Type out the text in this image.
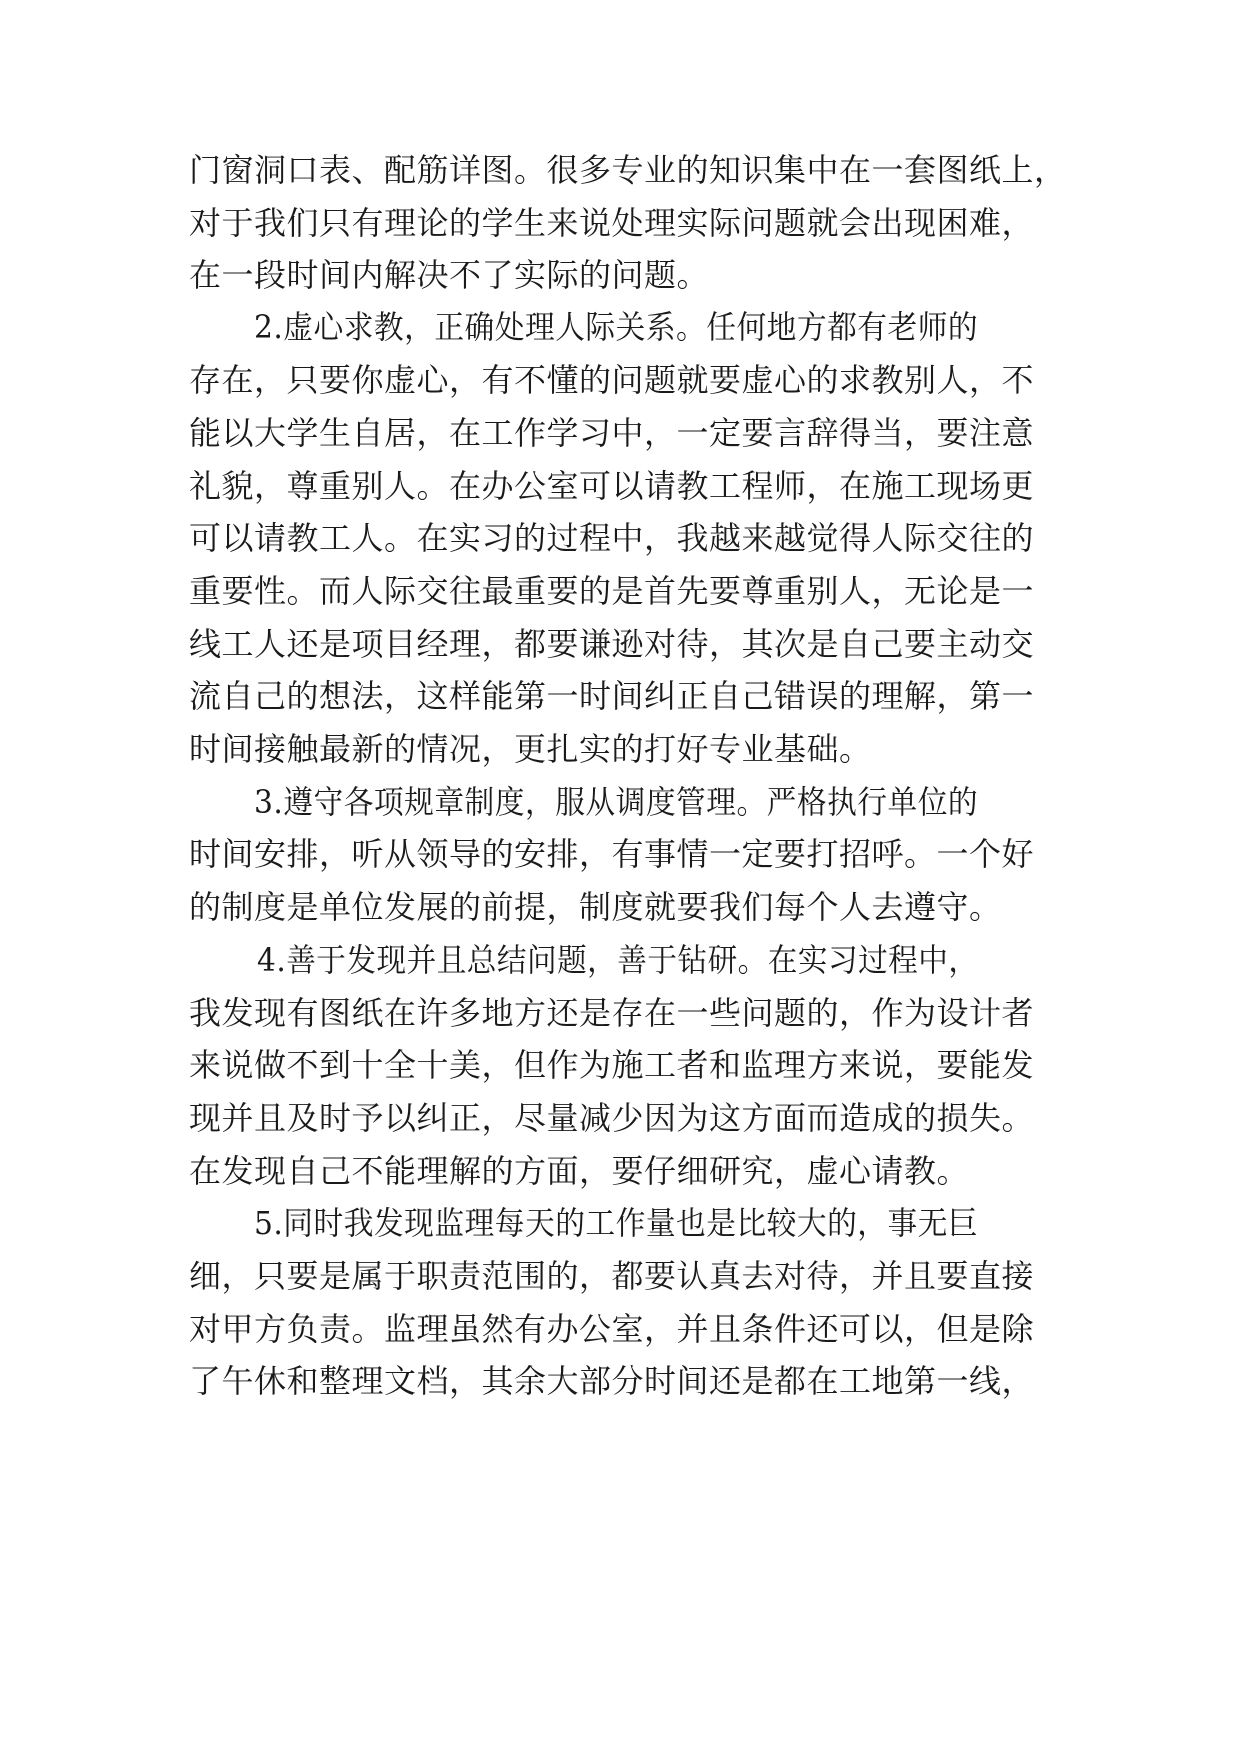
门窗洞口表、配筋详图。很多专业的知识集中在一套图纸上，
对于我们只有理论的学生来说处理实际问题就会出现困难，
在一段时间内解决不了实际的问题。
2.虚心求教，正确处理人际关系。任何地方都有老师的
存在，只要你虚心，有不懂的问题就要虚心的求教别人，不
能以大学生自居，在工作学习中，一定要言辞得当，要注意
礼貌，尊重别人。在办公室可以请教工程师，在施工现场更
可以请教工人。在实习的过程中，我越来越觉得人际交往的
重要性。而人际交往最重要的是首先要尊重别人，无论是一
线工人还是项目经理，都要谦逊对待，其次是自己要主动交
流自己的想法，这样能第一时间纠正自己错误的理解，第一
时间接触最新的情况，更扎实的打好专业基础。
3.遵守各项规章制度，服从调度管理。严格执行单位的
时间安排，听从领导的安排，有事情一定要打招呼。一个好
的制度是单位发展的前提，制度就要我们每个人去遵守。
4.善于发现并且总结问题，善于钻研。在实习过程中，
我发现有图纸在许多地方还是存在一些问题的，作为设计者
来说做不到十全十美，但作为施工者和监理方来说，要能发
现并且及时予以纠正，尽量减少因为这方面而造成的损失。
在发现自己不能理解的方面，要仔细研究，虚心请教。
5.同时我发现监理每天的工作量也是比较大的，事无巨
细，只要是属于职责范围的，都要认真去对待，并且要直接
对甲方负责。监理虽然有办公室，并且条件还可以，但是除
了午休和整理文档，其余大部分时间还是都在工地第一线，
